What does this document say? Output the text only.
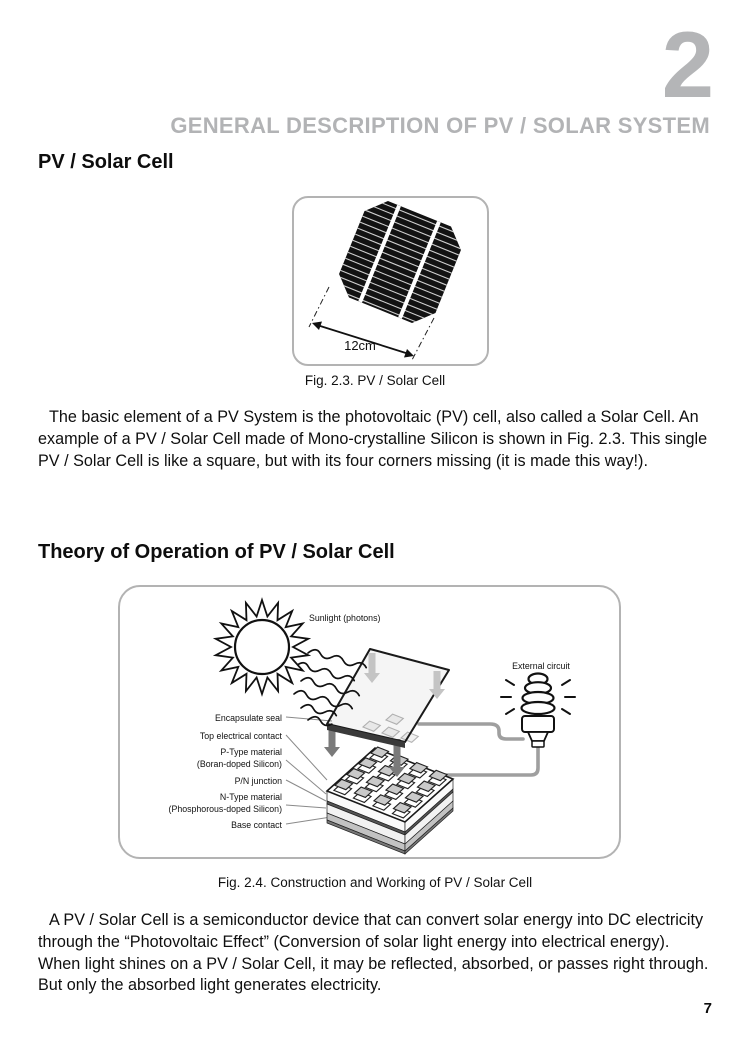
2
GENERAL DESCRIPTION OF PV / SOLAR SYSTEM
PV / Solar Cell
12cm
Fig. 2.3. PV / Solar Cell

The basic element of a PV System is the photovoltaic (PV) cell, also called a Solar Cell. An example of a PV / Solar Cell made of Mono-crystalline Silicon is shown in Fig. 2.3. This single PV / Solar Cell is like a square, but with its four corners missing (it is made this way!).

Theory of Operation of PV / Solar Cell
Sunlight (photons)
External circuit
Encapsulate seal
Top electrical contact
P-Type material
(Boran-doped Silicon)
P/N junction
N-Type material
(Phosphorous-doped Silicon)
Base contact
Fig. 2.4. Construction and Working of PV / Solar Cell

A PV / Solar Cell is a semiconductor device that can convert solar energy into DC electricity through the “Photovoltaic Effect” (Conversion of solar light energy into electrical energy). When light shines on a PV / Solar Cell, it may be reflected, absorbed, or passes right through. But only the absorbed light generates electricity.

7
